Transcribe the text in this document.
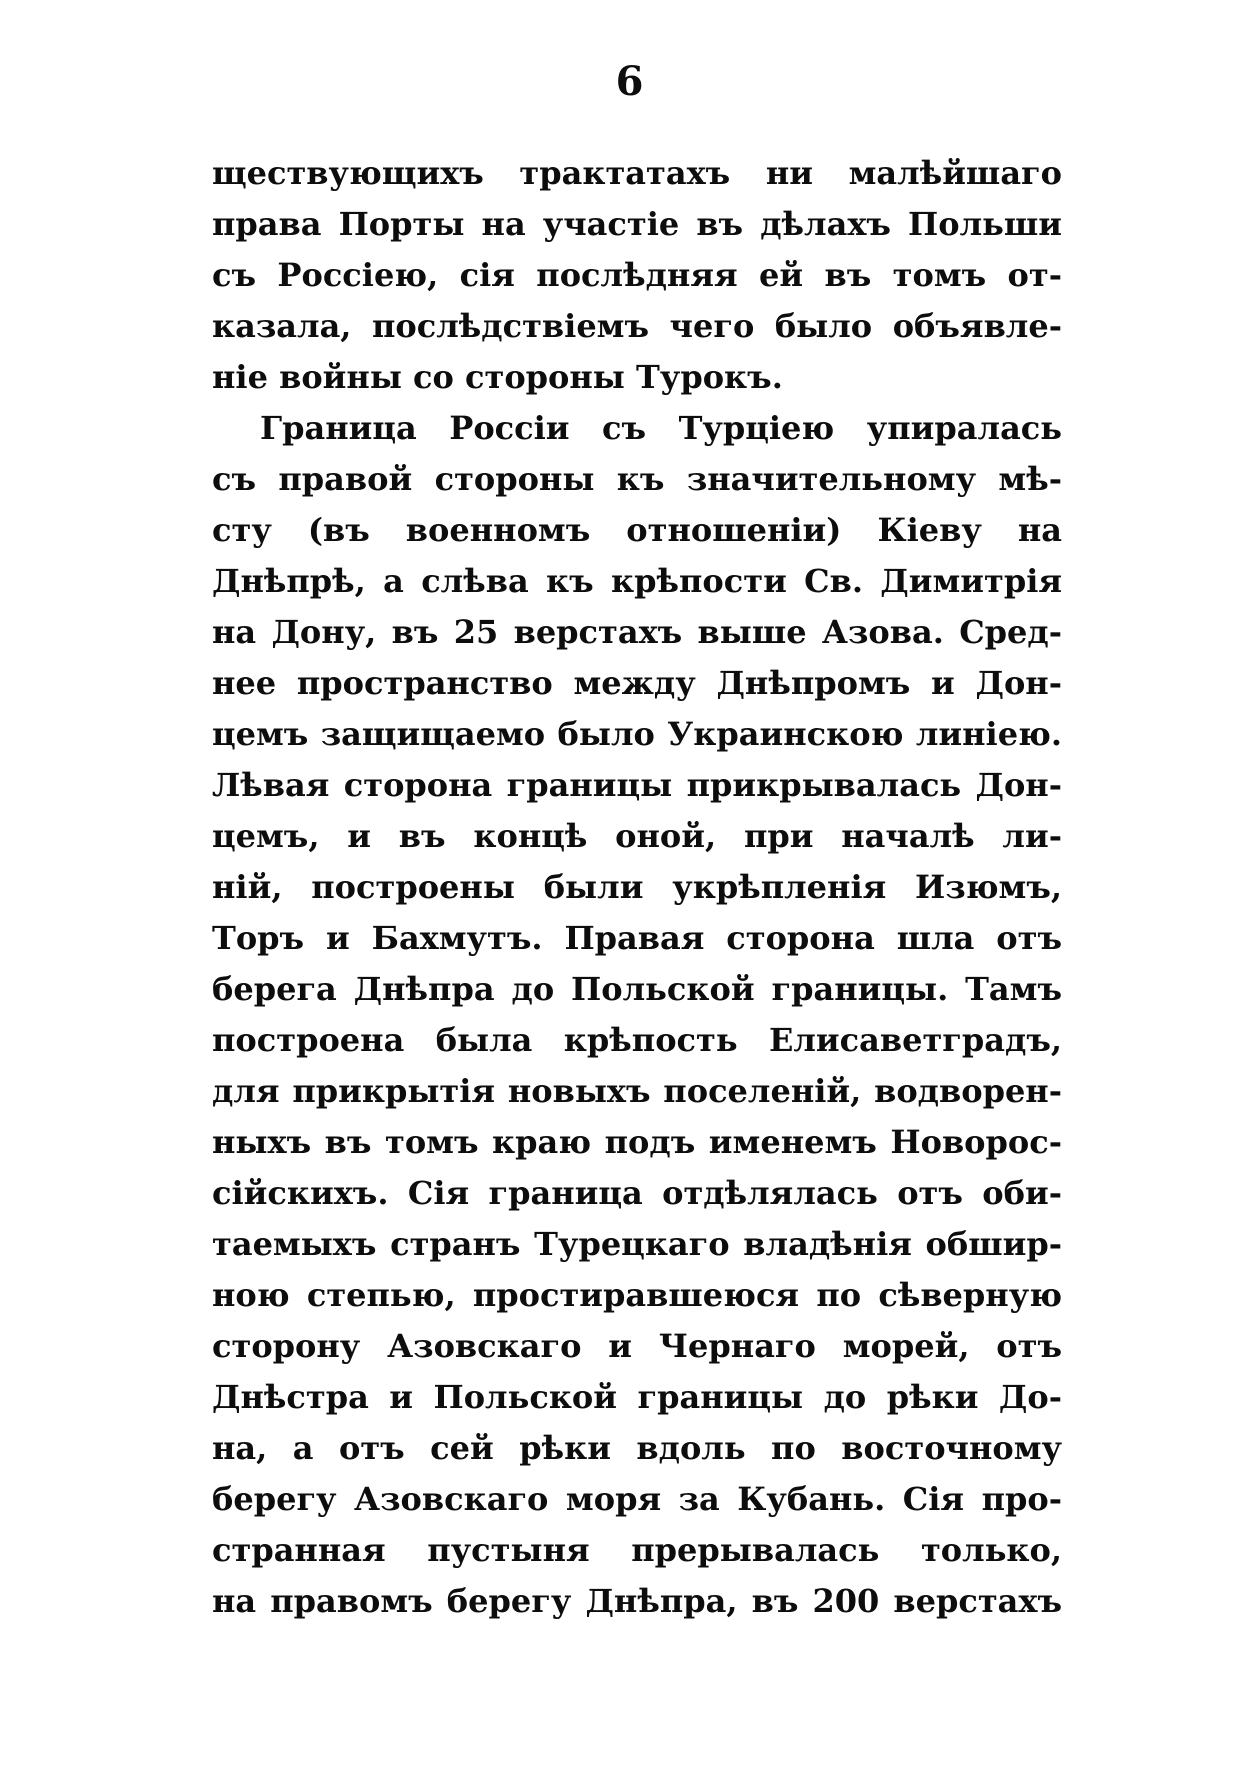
6
ществующихъ трактатахъ ни малѣйшаго
права Порты на участіе въ дѣлахъ Польши
съ Россіею, сія послѣдняя ей въ томъ от-
казала, послѣдствіемъ чего было объявле-
ніе войны со стороны Турокъ.
Граница Россіи съ Турціею упиралась
съ правой стороны къ значительному мѣ-
сту (въ военномъ отношеніи) Кіеву на
Днѣпрѣ, а слѣва къ крѣпости Св. Димитрія
на Дону, въ 25 верстахъ выше Азова. Сред-
нее пространство между Днѣпромъ и Дон-
цемъ защищаемо было Украинскою линіею.
Лѣвая сторона границы прикрывалась Дон-
цемъ, и въ концѣ оной, при началѣ ли-
ній, построены были укрѣпленія Изюмъ,
Торъ и Бахмутъ. Правая сторона шла отъ
берега Днѣпра до Польской границы. Тамъ
построена была крѣпость Елисаветградъ,
для прикрытія новыхъ поселеній, водворен-
ныхъ въ томъ краю подъ именемъ Новорос-
сійскихъ. Сія граница отдѣлялась отъ оби-
таемыхъ странъ Турецкаго владѣнія обшир-
ною степью, простиравшеюся по сѣверную
сторону Азовскаго и Чернаго морей, отъ
Днѣстра и Польской границы до рѣки До-
на, а отъ сей рѣки вдоль по восточному
берегу Азовскаго моря за Кубань. Сія про-
странная пустыня прерывалась только,
на правомъ берегу Днѣпра, въ 200 верстахъ
